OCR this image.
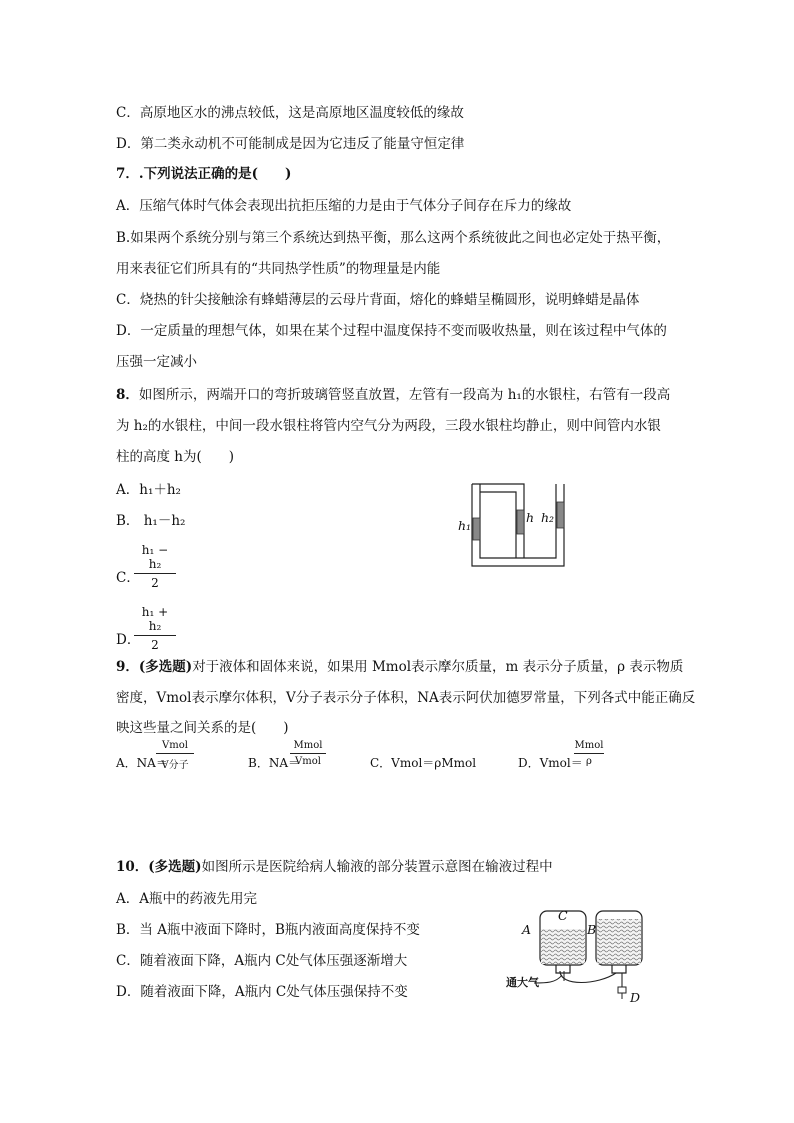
C．高原地区水的沸点较低，这是高原地区温度较低的缘故
D．第二类永动机不可能制成是因为它违反了能量守恒定律
7．.下列说法正确的是(　　)
A．压缩气体时气体会表现出抗拒压缩的力是由于气体分子间存在斥力的缘故
B.如果两个系统分别与第三个系统达到热平衡，那么这两个系统彼此之间也必定处于热平衡，
用来表征它们所具有的“共同热学性质”的物理量是内能
C．烧热的针尖接触涂有蜂蜡薄层的云母片背面，熔化的蜂蜡呈椭圆形，说明蜂蜡是晶体
D．一定质量的理想气体，如果在某个过程中温度保持不变而吸收热量，则在该过程中气体的
压强一定减小
8．如图所示，两端开口的弯折玻璃管竖直放置，左管有一段高为 h₁的水银柱，右管有一段高
为 h₂的水银柱，中间一段水银柱将管内空气分为两段，三段水银柱均静止，则中间管内水银
柱的高度 h为(　　)
A．h₁＋h₂
B． h₁－h₂
C．
h₁ − h₂
2
D．
h₁ + h₂
2
h₁
h h₂
9．(多选题)对于液体和固体来说，如果用 Mmol表示摩尔质量，m 表示分子质量，ρ 表示物质
密度，Vmol表示摩尔体积，V分子表示分子体积，NA表示阿伏加德罗常量，下列各式中能正确反
映这些量之间关系的是(　　)
A．NA＝
Vmol
V分子	B．NA＝
Mmol
Vmol	C．Vmol＝ρMmol	D．Vmol＝
Mmol
ρ
10．(多选题)如图所示是医院给病人输液的部分装置示意图在输液过程中
A．A瓶中的药液先用完
B．当 A瓶中液面下降时，B瓶内液面高度保持不变
C．随着液面下降，A瓶内 C处气体压强逐渐增大
D．随着液面下降，A瓶内 C处气体压强保持不变
A
C
B
D
通大气
